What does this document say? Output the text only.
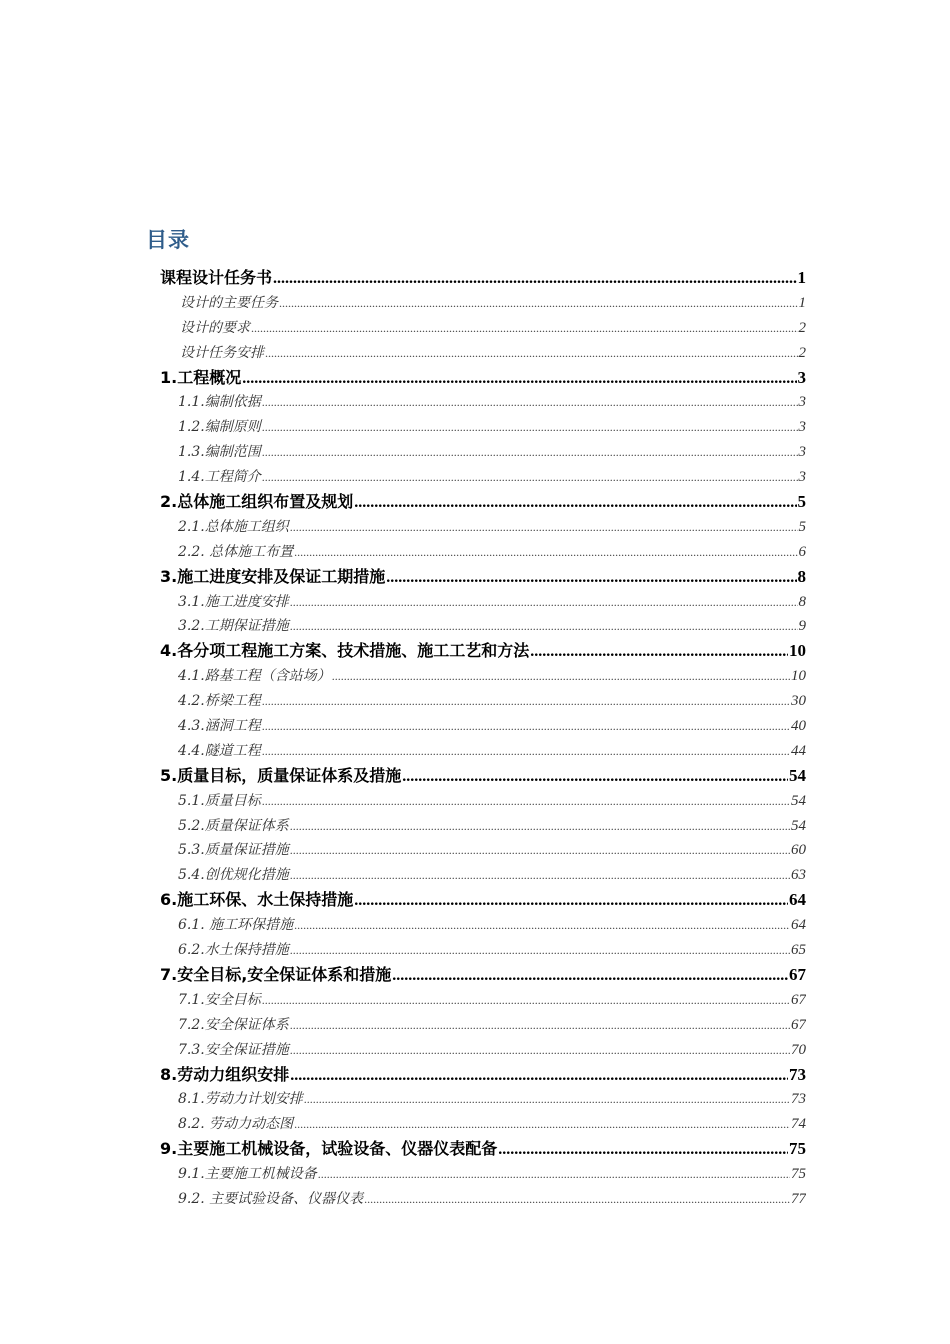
目录
课程设计任务书 .....	1
设计的主要任务 .....	1
设计的要求 .....	2
设计任务安排 .....	2
1.工程概况 .....	3
1.1.编制依据 .....	3
1.2.编制原则 .....	3
1.3.编制范围 .....	3
1.4.工程简介 .....	3
2.总体施工组织布置及规划 .....	5
2.1.总体施工组织 .....	5
2.2. 总体施工布置 .....	6
3.施工进度安排及保证工期措施 .....	8
3.1.施工进度安排 .....	8
3.2.工期保证措施 .....	9
4.各分项工程施工方案、技术措施、施工工艺和方法 .....	10
4.1.路基工程（含站场） .....	10
4.2.桥梁工程 .....	30
4.3.涵洞工程 .....	40
4.4.隧道工程 .....	44
5.质量目标，质量保证体系及措施 .....	54
5.1.质量目标 .....	54
5.2.质量保证体系 .....	54
5.3.质量保证措施 .....	60
5.4.创优规化措施 .....	63
6.施工环保、水土保持措施 .....	64
6.1. 施工环保措施 .....	64
6.2.水土保持措施 .....	65
7.安全目标,安全保证体系和措施 .....	67
7.1.安全目标 .....	67
7.2.安全保证体系 .....	67
7.3.安全保证措施 .....	70
8.劳动力组织安排 .....	73
8.1.劳动力计划安排 .....	73
8.2. 劳动力动态图 .....	74
9.主要施工机械设备，试验设备、仪器仪表配备 .....	75
9.1.主要施工机械设备 .....	75
9.2. 主要试验设备、仪器仪表 .....	77
